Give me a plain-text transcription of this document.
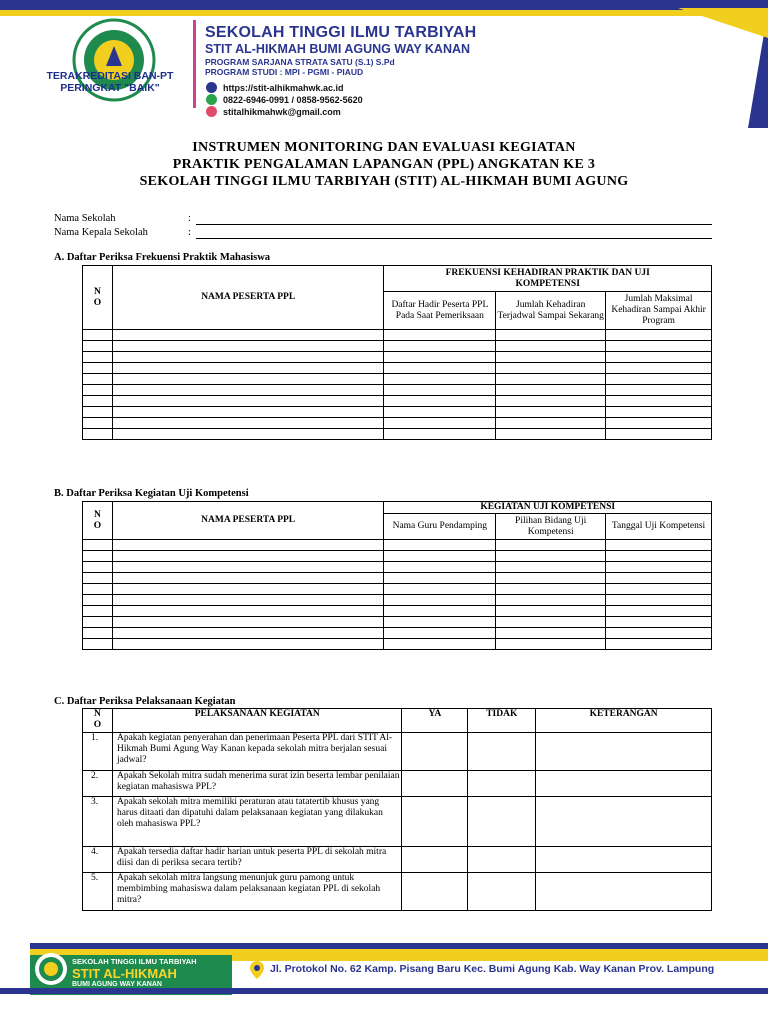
TERAKREDITASI BAN-PT
PERINGKAT "BAIK"
SEKOLAH TINGGI ILMU TARBIYAH
STIT AL-HIKMAH BUMI AGUNG WAY KANAN
PROGRAM SARJANA STRATA SATU (S.1) S.Pd
PROGRAM STUDI : MPI - PGMI - PIAUD
https://stit-alhikmahwk.ac.id
0822-6946-0991 / 0858-9562-5620
stitalhikmahwk@gmail.com
INSTRUMEN MONITORING DAN EVALUASI KEGIATAN
PRAKTIK PENGALAMAN LAPANGAN (PPL) ANGKATAN KE 3
SEKOLAH TINGGI ILMU TARBIYAH (STIT) AL-HIKMAH BUMI AGUNG
Nama Sekolah	:
Nama Kepala Sekolah	:
A. Daftar Periksa Frekuensi Praktik Mahasiswa
N
O	NAMA PESERTA PPL	FREKUENSI KEHADIRAN PRAKTIK DAN UJI KOMPETENSI		
		Daftar Hadir Peserta PPL Pada Saat Pemeriksaan	Jumlah Kehadiran Terjadwal Sampai Sekarang	Jumlah Maksimal Kehadiran Sampai Akhir Program

B. Daftar Periksa Kegiatan Uji Kompetensi
N
O	NAMA PESERTA PPL	KEGIATAN UJI KOMPETENSI		
		Nama Guru Pendamping	Pilihan Bidang Uji Kompetensi	Tanggal Uji Kompetensi

C. Daftar Periksa Pelaksanaan Kegiatan
N
O	PELAKSANAAN KEGIATAN	YA	TIDAK	KETERANGAN
1.	Apakah kegiatan penyerahan dan penerimaan Peserta PPL dari STIT Al-Hikmah Bumi Agung Way Kanan kepada sekolah mitra berjalan sesuai jadwal?			
2.	Apakah Sekolah mitra sudah menerima surat izin beserta lembar penilaian kegiatan mahasiswa PPL?			
3.	Apakah sekolah mitra memiliki peraturan atau tatatertib khusus yang harus ditaati dan dipatuhi dalam pelaksanaan kegiatan yang dilakukan oleh mahasiswa PPL?			
4.	Apakah tersedia daftar hadir harian untuk peserta PPL di sekolah mitra diisi dan di periksa secara tertib?			
5.	Apakah sekolah mitra langsung menunjuk guru pamong untuk membimbing mahasiswa dalam pelaksanaan kegiatan PPL di sekolah mitra?			
SEKOLAH TINGGI ILMU TARBIYAH
STIT AL-HIKMAH
BUMI AGUNG WAY KANAN
Jl. Protokol No. 62 Kamp. Pisang Baru Kec. Bumi Agung Kab. Way Kanan Prov. Lampung
